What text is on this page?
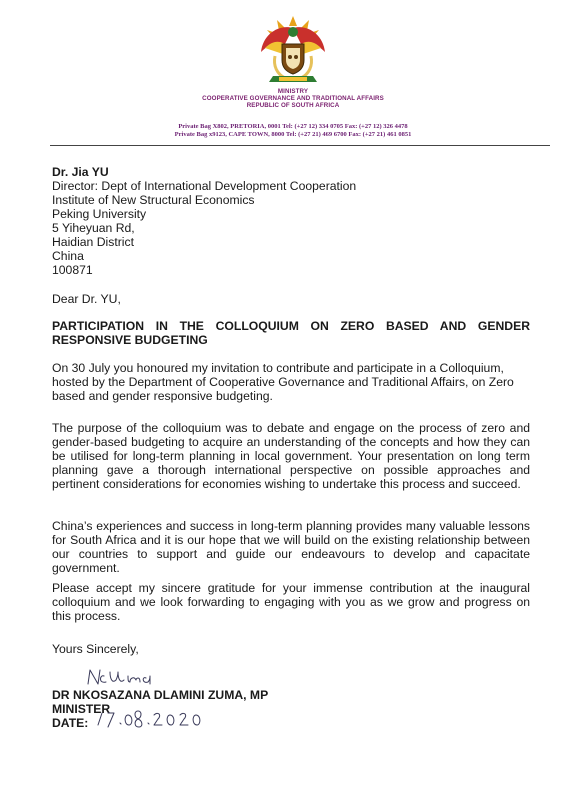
MINISTRY
COOPERATIVE GOVERNANCE AND TRADITIONAL AFFAIRS
REPUBLIC OF SOUTH AFRICA
Private Bag X802, PRETORIA, 0001 Tel: (+27 12) 334 0705 Fax: (+27 12) 326 4478
Private Bag x9123, CAPE TOWN, 8000 Tel: (+27 21) 469 6700 Fax: (+27 21) 461 0851
Dr. Jia YU
Director: Dept of International Development Cooperation
Institute of New Structural Economics
Peking University
5 Yiheyuan Rd,
Haidian District
China
100871
Dear Dr. YU,
PARTICIPATION IN THE COLLOQUIUM ON ZERO BASED AND GENDER RESPONSIVE BUDGETING
On 30 July you honoured my invitation to contribute and participate in a Colloquium, hosted by the Department of Cooperative Governance and Traditional Affairs, on Zero based and gender responsive budgeting.
The purpose of the colloquium was to debate and engage on the process of zero and gender-based budgeting to acquire an understanding of the concepts and how they can be utilised for long-term planning in local government. Your presentation on long term planning gave a thorough international perspective on possible approaches and pertinent considerations for economies wishing to undertake this process and succeed.
China’s experiences and success in long-term planning provides many valuable lessons for South Africa and it is our hope that we will build on the existing relationship between our countries to support and guide our endeavours to develop and capacitate government.
Please accept my sincere gratitude for your immense contribution at the inaugural colloquium and we look forwarding to engaging with you as we grow and progress on this process.
Yours Sincerely,
DR NKOSAZANA DLAMINI ZUMA, MP
MINISTER
DATE:
